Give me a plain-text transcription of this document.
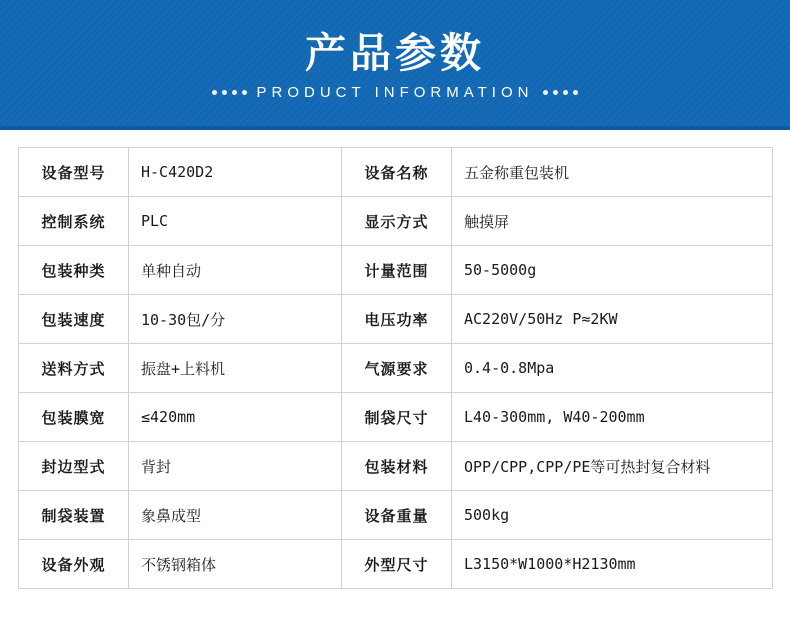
产品参数
PRODUCT INFORMATION
设备型号	H-C420D2	设备名称	五金称重包装机
控制系统	PLC	显示方式	触摸屏
包装种类	单种自动	计量范围	50-5000g
包装速度	10-30包/分	电压功率	AC220V/50Hz P≈2KW
送料方式	振盘+上料机	气源要求	0.4-0.8Mpa
包装膜宽	≤420mm	制袋尺寸	L40-300mm, W40-200mm
封边型式	背封	包装材料	OPP/CPP,CPP/PE等可热封复合材料
制袋装置	象鼻成型	设备重量	500kg
设备外观	不锈钢箱体	外型尺寸	L3150*W1000*H2130mm
